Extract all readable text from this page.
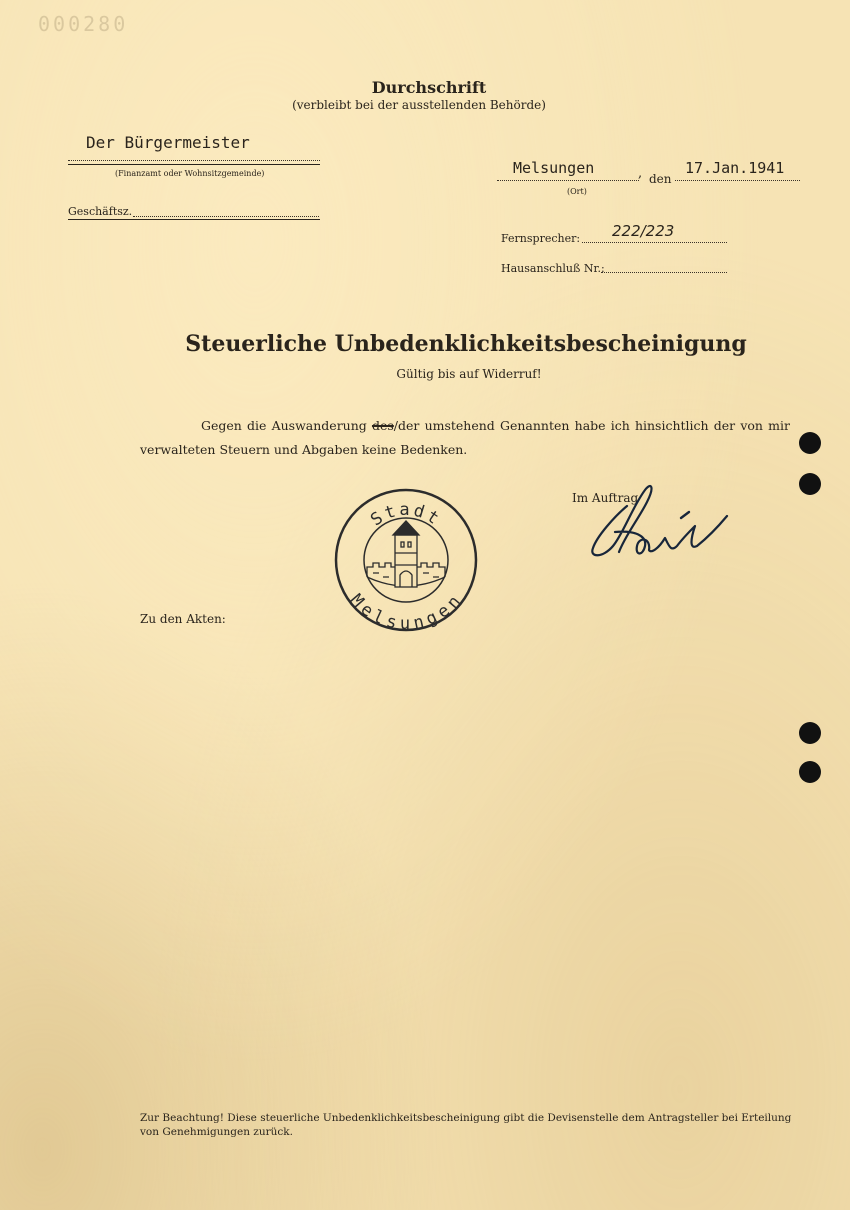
000280
Durchschrift
(verbleibt bei der ausstellenden Behörde)
Der Bürgermeister
(Finanzamt oder Wohnsitzgemeinde)
Geschäftsz.
Melsungen	, den
17.Jan.1941
(Ort)
Fernsprecher: 222/223
Hausanschluß Nr.:
Steuerliche Unbedenklichkeitsbescheinigung
Gültig bis auf Widerruf!
Gegen die Auswanderung des/der umstehend Genannten habe ich hinsichtlich der von mir
verwalteten Steuern und Abgaben keine Bedenken.
Im Auftrag
Stadt
Melsungen
Zu den Akten:
Zur Beachtung! Diese steuerliche Unbedenklichkeitsbescheinigung gibt die Devisenstelle dem Antragsteller bei Erteilung von Genehmigungen zurück.
